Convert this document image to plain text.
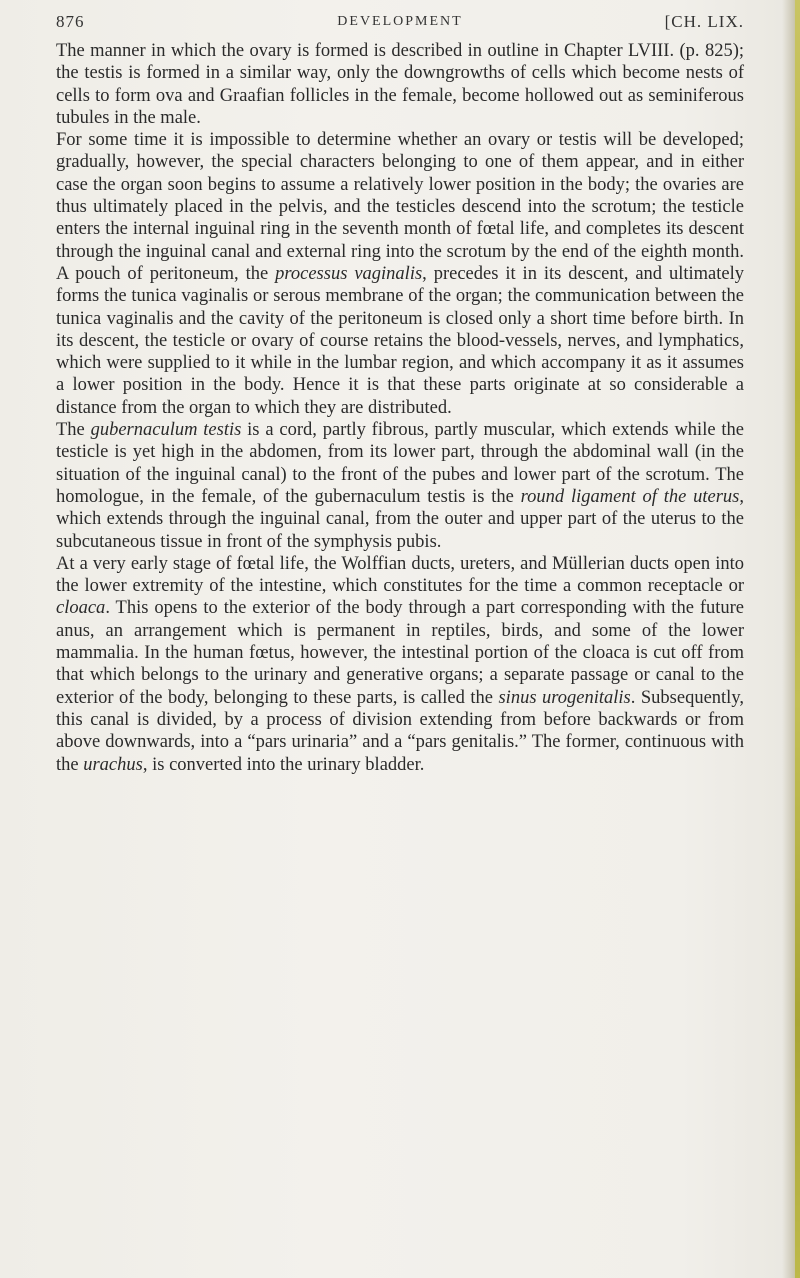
876	DEVELOPMENT	[CH. LIX.

The manner in which the ovary is formed is described in outline in Chapter LVIII. (p. 825); the testis is formed in a similar way, only the downgrowths of cells which become nests of cells to form ova and Graafian follicles in the female, become hollowed out as seminiferous tubules in the male.

For some time it is impossible to determine whether an ovary or testis will be developed; gradually, however, the special characters belonging to one of them appear, and in either case the organ soon begins to assume a relatively lower position in the body; the ovaries are thus ultimately placed in the pelvis, and the testicles descend into the scrotum; the testicle enters the internal inguinal ring in the seventh month of fœtal life, and completes its descent through the inguinal canal and external ring into the scrotum by the end of the eighth month. A pouch of peritoneum, the processus vaginalis, precedes it in its descent, and ultimately forms the tunica vaginalis or serous membrane of the organ; the communication between the tunica vaginalis and the cavity of the peritoneum is closed only a short time before birth. In its descent, the testicle or ovary of course retains the blood-vessels, nerves, and lymphatics, which were supplied to it while in the lumbar region, and which accompany it as it assumes a lower position in the body. Hence it is that these parts originate at so considerable a distance from the organ to which they are distributed.

The gubernaculum testis is a cord, partly fibrous, partly muscular, which extends while the testicle is yet high in the abdomen, from its lower part, through the abdominal wall (in the situation of the inguinal canal) to the front of the pubes and lower part of the scrotum. The homologue, in the female, of the gubernaculum testis is the round ligament of the uterus, which extends through the inguinal canal, from the outer and upper part of the uterus to the subcutaneous tissue in front of the symphysis pubis.

At a very early stage of fœtal life, the Wolffian ducts, ureters, and Müllerian ducts open into the lower extremity of the intestine, which constitutes for the time a common receptacle or cloaca. This opens to the exterior of the body through a part corresponding with the future anus, an arrangement which is permanent in reptiles, birds, and some of the lower mammalia. In the human fœtus, however, the intestinal portion of the cloaca is cut off from that which belongs to the urinary and generative organs; a separate passage or canal to the exterior of the body, belonging to these parts, is called the sinus urogenitalis. Subsequently, this canal is divided, by a process of division extending from before backwards or from above downwards, into a “pars urinaria” and a “pars genitalis.” The former, continuous with the urachus, is converted into the urinary bladder.
